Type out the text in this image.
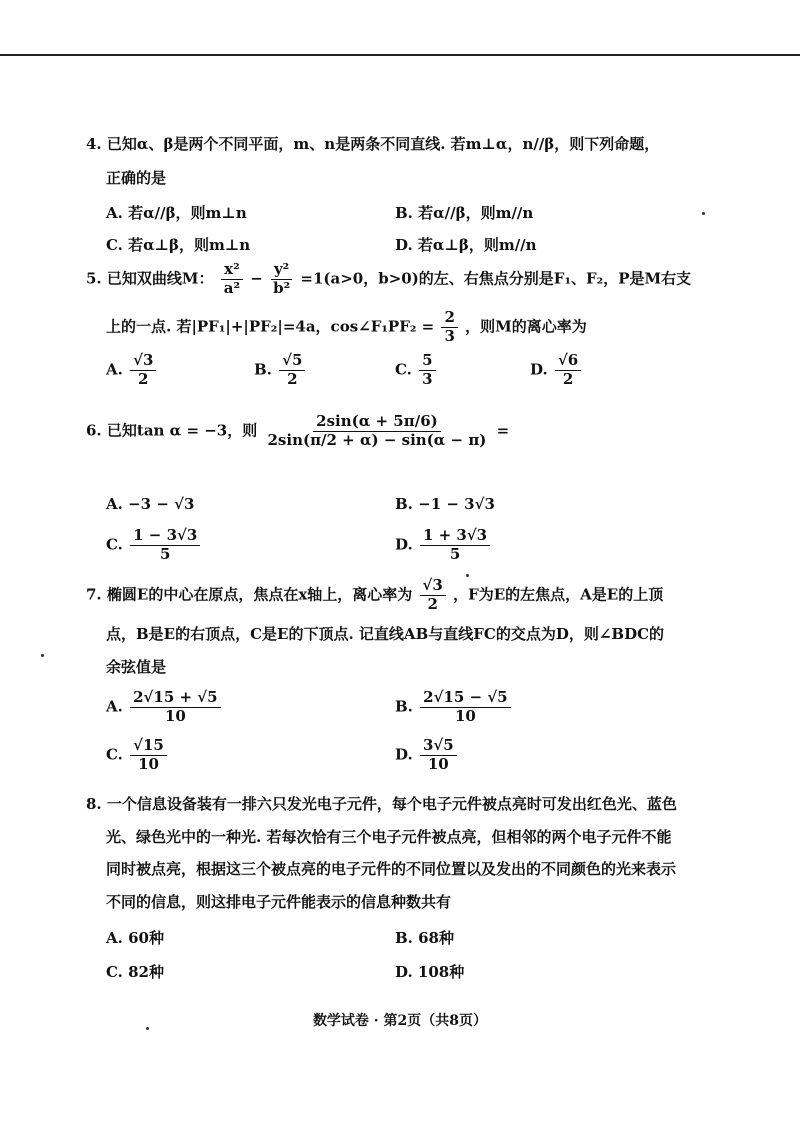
4. 已知α、β是两个不同平面，m、n是两条不同直线. 若m⊥α，n//β，则下列命题，
正确的是
A. 若α//β，则m⊥n	B. 若α//β，则m//n
C. 若α⊥β，则m⊥n	D. 若α⊥β，则m//n
5. 已知双曲线M： $\frac{\text{x²}}{\text{a²}} - \frac{\text{y²}}{\text{b²}} =1(a>0$，b>0)的左、右焦点分别是F₁、F₂，P是M右支
上的一点. 若|PF₁|+|PF₂|=4a，cos∠F₁PF₂ = $\frac{2}{3}$ ，则M的离心率为
A. $\frac{√3}{2}$	B. $\frac{√5}{2}$	C. $\frac{5}{3}$	D. $\frac{√6}{2}$
6. 已知tan α = −3，则 $\frac{2\sin(\alpha + 5\pi/6)}{2\sin(\pi/2 + \alpha) - \sin(\alpha - \pi)}$ =
A. −3 − √3	B. −1 − 3√3
C. $\frac{1 - 3√3}{5}$	D. $\frac{1 + 3√3}{5}$
7. 椭圆E的中心在原点，焦点在x轴上，离心率为 $\frac{√3}{2}$ ，F为E的左焦点，A是E的上顶
点，B是E的右顶点，C是E的下顶点. 记直线AB与直线FC的交点为D，则∠BDC的
余弦值是
A. $\frac{2√15 + √5}{10}$	B. $\frac{2√15 - √5}{10}$
C. $\frac{√15}{10}$	D. $\frac{3√5}{10}$
8. 一个信息设备装有一排六只发光电子元件，每个电子元件被点亮时可发出红色光、蓝色
光、绿色光中的一种光. 若每次恰有三个电子元件被点亮，但相邻的两个电子元件不能
同时被点亮，根据这三个被点亮的电子元件的不同位置以及发出的不同颜色的光来表示
不同的信息，则这排电子元件能表示的信息种数共有
A. 60种	B. 68种
C. 82种	D. 108种
数学试卷 · 第2页（共8页）
